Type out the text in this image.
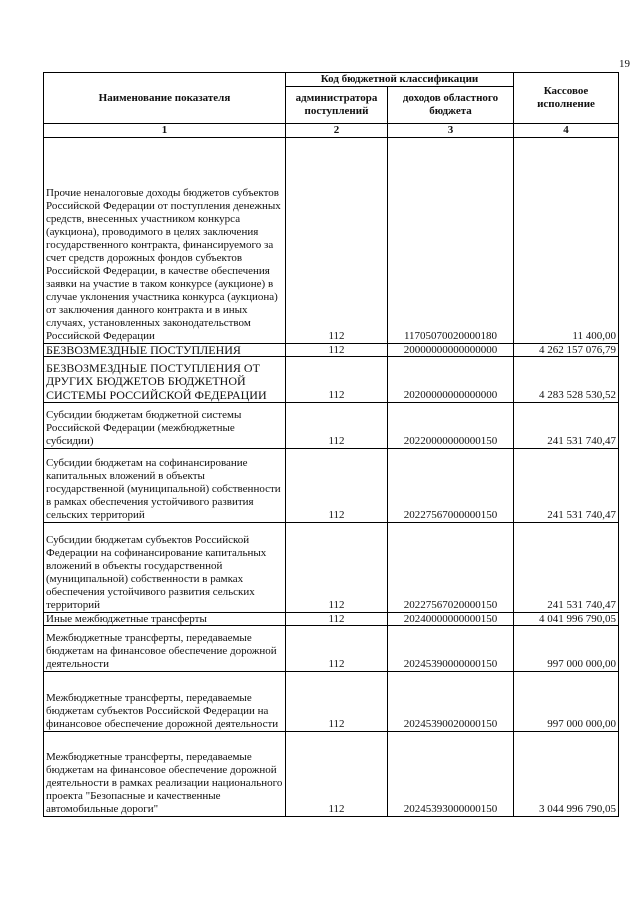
19
Наименование показателя	Код бюджетной классификации		Кассовое исполнение
	администратора поступлений	доходов областного бюджета	
1	2	3	4
Прочие неналоговые доходы бюджетов субъектов Российской Федерации от поступления денежных средств, внесенных участником конкурса (аукциона), проводимого в целях заключения государственного контракта, финансируемого за счет средств дорожных фондов субъектов Российской Федерации, в качестве обеспечения заявки на участие в таком конкурсе (аукционе) в случае уклонения участника конкурса (аукциона) от заключения данного контракта и в иных случаях, установленных законодательством Российской Федерации	112	11705070020000180	11 400,00
БЕЗВОЗМЕЗДНЫЕ ПОСТУПЛЕНИЯ	112	20000000000000000	4 262 157 076,79
БЕЗВОЗМЕЗДНЫЕ ПОСТУПЛЕНИЯ ОТ ДРУГИХ БЮДЖЕТОВ БЮДЖЕТНОЙ СИСТЕМЫ РОССИЙСКОЙ ФЕДЕРАЦИИ	112	20200000000000000	4 283 528 530,52
Субсидии бюджетам бюджетной системы Российской Федерации (межбюджетные субсидии)	112	20220000000000150	241 531 740,47
Субсидии бюджетам на софинансирование капитальных вложений в объекты государственной (муниципальной) собственности в рамках обеспечения устойчивого развития сельских территорий	112	20227567000000150	241 531 740,47
Субсидии бюджетам субъектов Российской Федерации на софинансирование капитальных вложений в объекты государственной (муниципальной) собственности в рамках обеспечения устойчивого развития сельских территорий	112	20227567020000150	241 531 740,47
Иные межбюджетные трансферты	112	20240000000000150	4 041 996 790,05
Межбюджетные трансферты, передаваемые бюджетам на финансовое обеспечение дорожной деятельности	112	20245390000000150	997 000 000,00
Межбюджетные трансферты, передаваемые бюджетам субъектов Российской Федерации на финансовое обеспечение дорожной деятельности	112	20245390020000150	997 000 000,00
Межбюджетные трансферты, передаваемые бюджетам на финансовое обеспечение дорожной деятельности в рамках реализации национального проекта "Безопасные и качественные автомобильные дороги"	112	20245393000000150	3 044 996 790,05
